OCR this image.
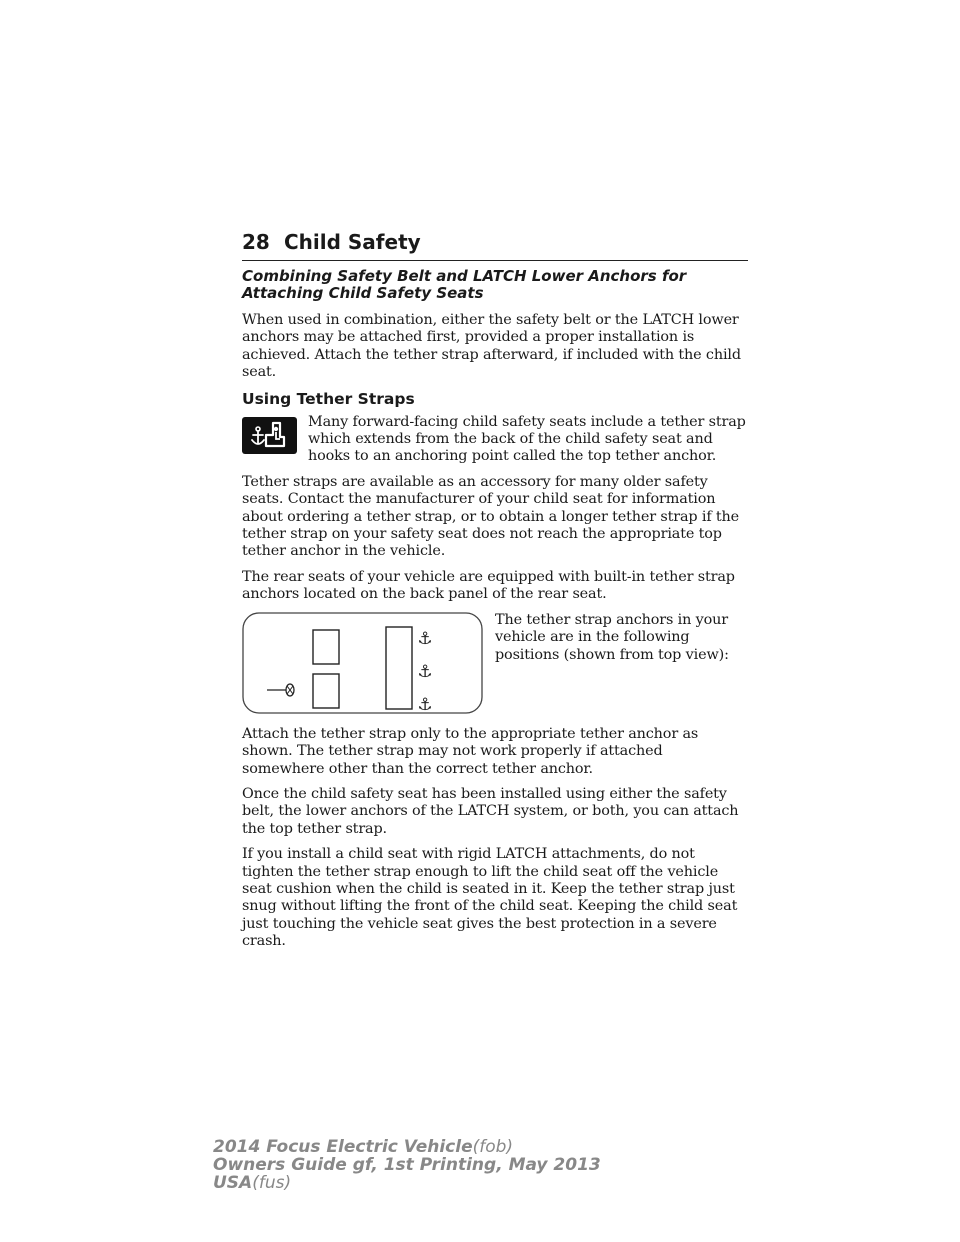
28 Child Safety
Combining Safety Belt and LATCH Lower Anchors for Attaching Child Safety Seats

When used in combination, either the safety belt or the LATCH lower anchors may be attached first, provided a proper installation is achieved. Attach the tether strap afterward, if included with the child seat.

Using Tether Straps

Many forward-facing child safety seats include a tether strap which extends from the back of the child safety seat and hooks to an anchoring point called the top tether anchor.

Tether straps are available as an accessory for many older safety seats. Contact the manufacturer of your child seat for information about ordering a tether strap, or to obtain a longer tether strap if the tether strap on your safety seat does not reach the appropriate top tether anchor in the vehicle.

The rear seats of your vehicle are equipped with built-in tether strap anchors located on the back panel of the rear seat.

⚓
⚓
⚓

The tether strap anchors in your vehicle are in the following positions (shown from top view):

Attach the tether strap only to the appropriate tether anchor as shown. The tether strap may not work properly if attached somewhere other than the correct tether anchor.

Once the child safety seat has been installed using either the safety belt, the lower anchors of the LATCH system, or both, you can attach the top tether strap.

If you install a child seat with rigid LATCH attachments, do not tighten the tether strap enough to lift the child seat off the vehicle seat cushion when the child is seated in it. Keep the tether strap just snug without lifting the front of the child seat. Keeping the child seat just touching the vehicle seat gives the best protection in a severe crash.

2014 Focus Electric Vehicle(fob)
Owners Guide gf, 1st Printing, May 2013
USA(fus)
